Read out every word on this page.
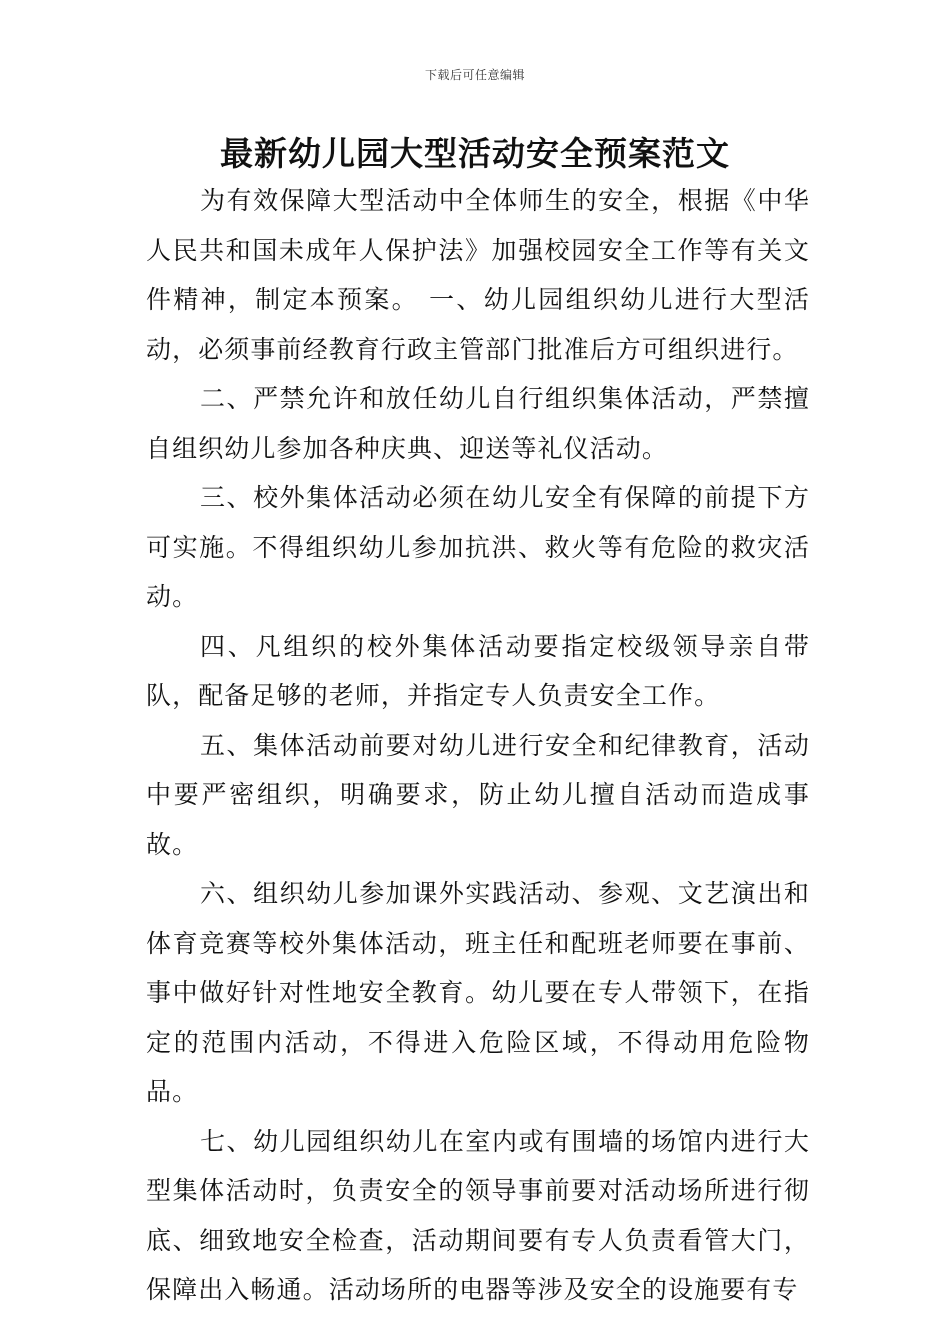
下载后可任意编辑
最新幼儿园大型活动安全预案范文

为有效保障大型活动中全体师生的安全，根据《中华人民共和国未成年人保护法》加强校园安全工作等有关文件精神，制定本预案。 一、幼儿园组织幼儿进行大型活动，必须事前经教育行政主管部门批准后方可组织进行。

二、严禁允许和放任幼儿自行组织集体活动，严禁擅自组织幼儿参加各种庆典、迎送等礼仪活动。

三、校外集体活动必须在幼儿安全有保障的前提下方可实施。不得组织幼儿参加抗洪、救火等有危险的救灾活动。

四、凡组织的校外集体活动要指定校级领导亲自带队，配备足够的老师，并指定专人负责安全工作。

五、集体活动前要对幼儿进行安全和纪律教育，活动中要严密组织，明确要求，防止幼儿擅自活动而造成事故。

六、组织幼儿参加课外实践活动、参观、文艺演出和体育竞赛等校外集体活动，班主任和配班老师要在事前、事中做好针对性地安全教育。幼儿要在专人带领下，在指定的范围内活动，不得进入危险区域，不得动用危险物品。

七、幼儿园组织幼儿在室内或有围墙的场馆内进行大型集体活动时，负责安全的领导事前要对活动场所进行彻底、细致地安全检查，活动期间要有专人负责看管大门，保障出入畅通。活动场所的电器等涉及安全的设施要有专
